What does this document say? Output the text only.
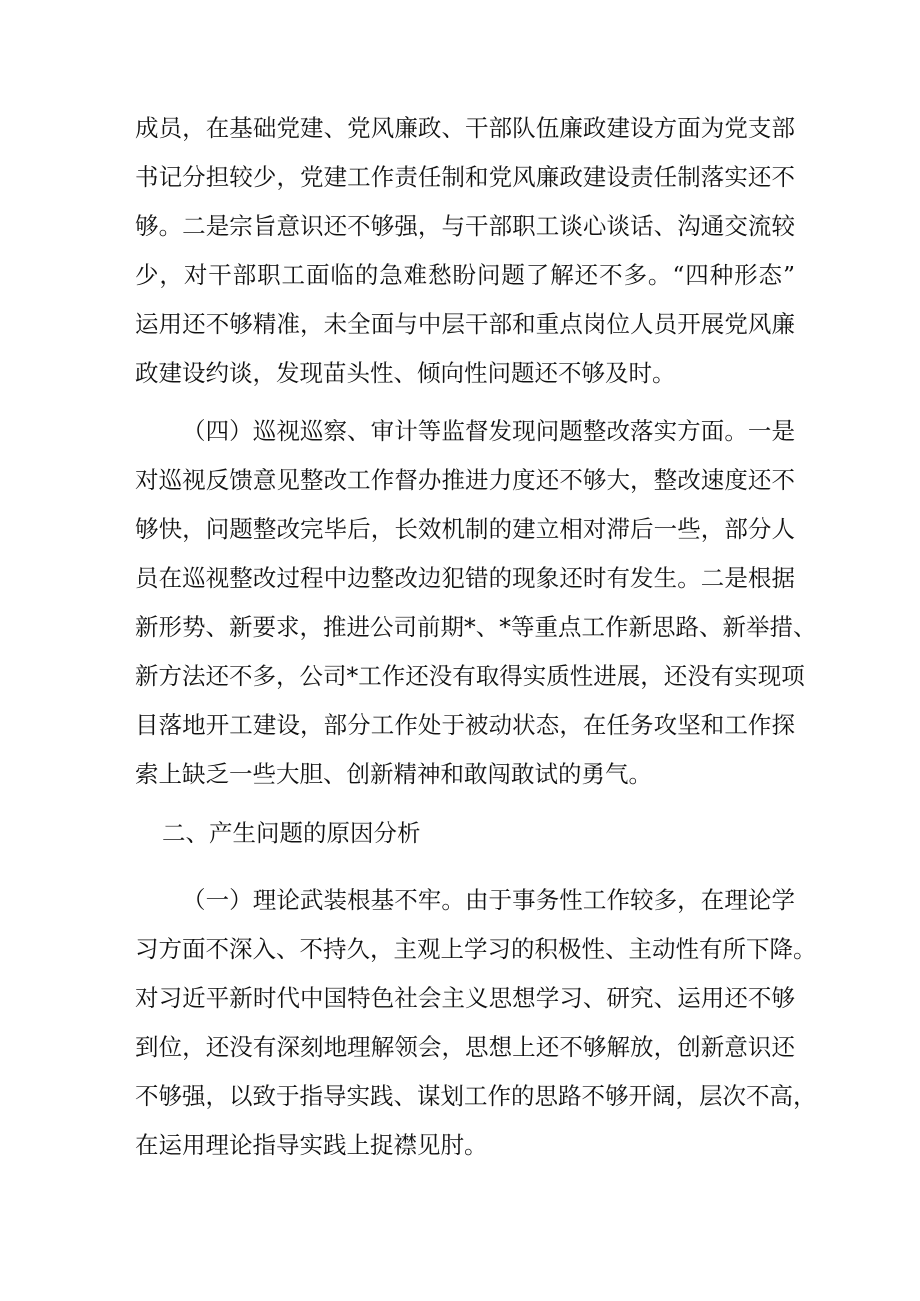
成员，在基础党建、党风廉政、干部队伍廉政建设方面为党支部
书记分担较少，党建工作责任制和党风廉政建设责任制落实还不
够。二是宗旨意识还不够强，与干部职工谈心谈话、沟通交流较
少，对干部职工面临的急难愁盼问题了解还不多。“四种形态”
运用还不够精准，未全面与中层干部和重点岗位人员开展党风廉
政建设约谈，发现苗头性、倾向性问题还不够及时。
（四）巡视巡察、审计等监督发现问题整改落实方面。一是
对巡视反馈意见整改工作督办推进力度还不够大，整改速度还不
够快，问题整改完毕后，长效机制的建立相对滞后一些，部分人
员在巡视整改过程中边整改边犯错的现象还时有发生。二是根据
新形势、新要求，推进公司前期*、*等重点工作新思路、新举措、
新方法还不多，公司*工作还没有取得实质性进展，还没有实现项
目落地开工建设，部分工作处于被动状态，在任务攻坚和工作探
索上缺乏一些大胆、创新精神和敢闯敢试的勇气。
二、产生问题的原因分析
（一）理论武装根基不牢。由于事务性工作较多，在理论学
习方面不深入、不持久，主观上学习的积极性、主动性有所下降。
对习近平新时代中国特色社会主义思想学习、研究、运用还不够
到位，还没有深刻地理解领会，思想上还不够解放，创新意识还
不够强，以致于指导实践、谋划工作的思路不够开阔，层次不高，
在运用理论指导实践上捉襟见肘。
